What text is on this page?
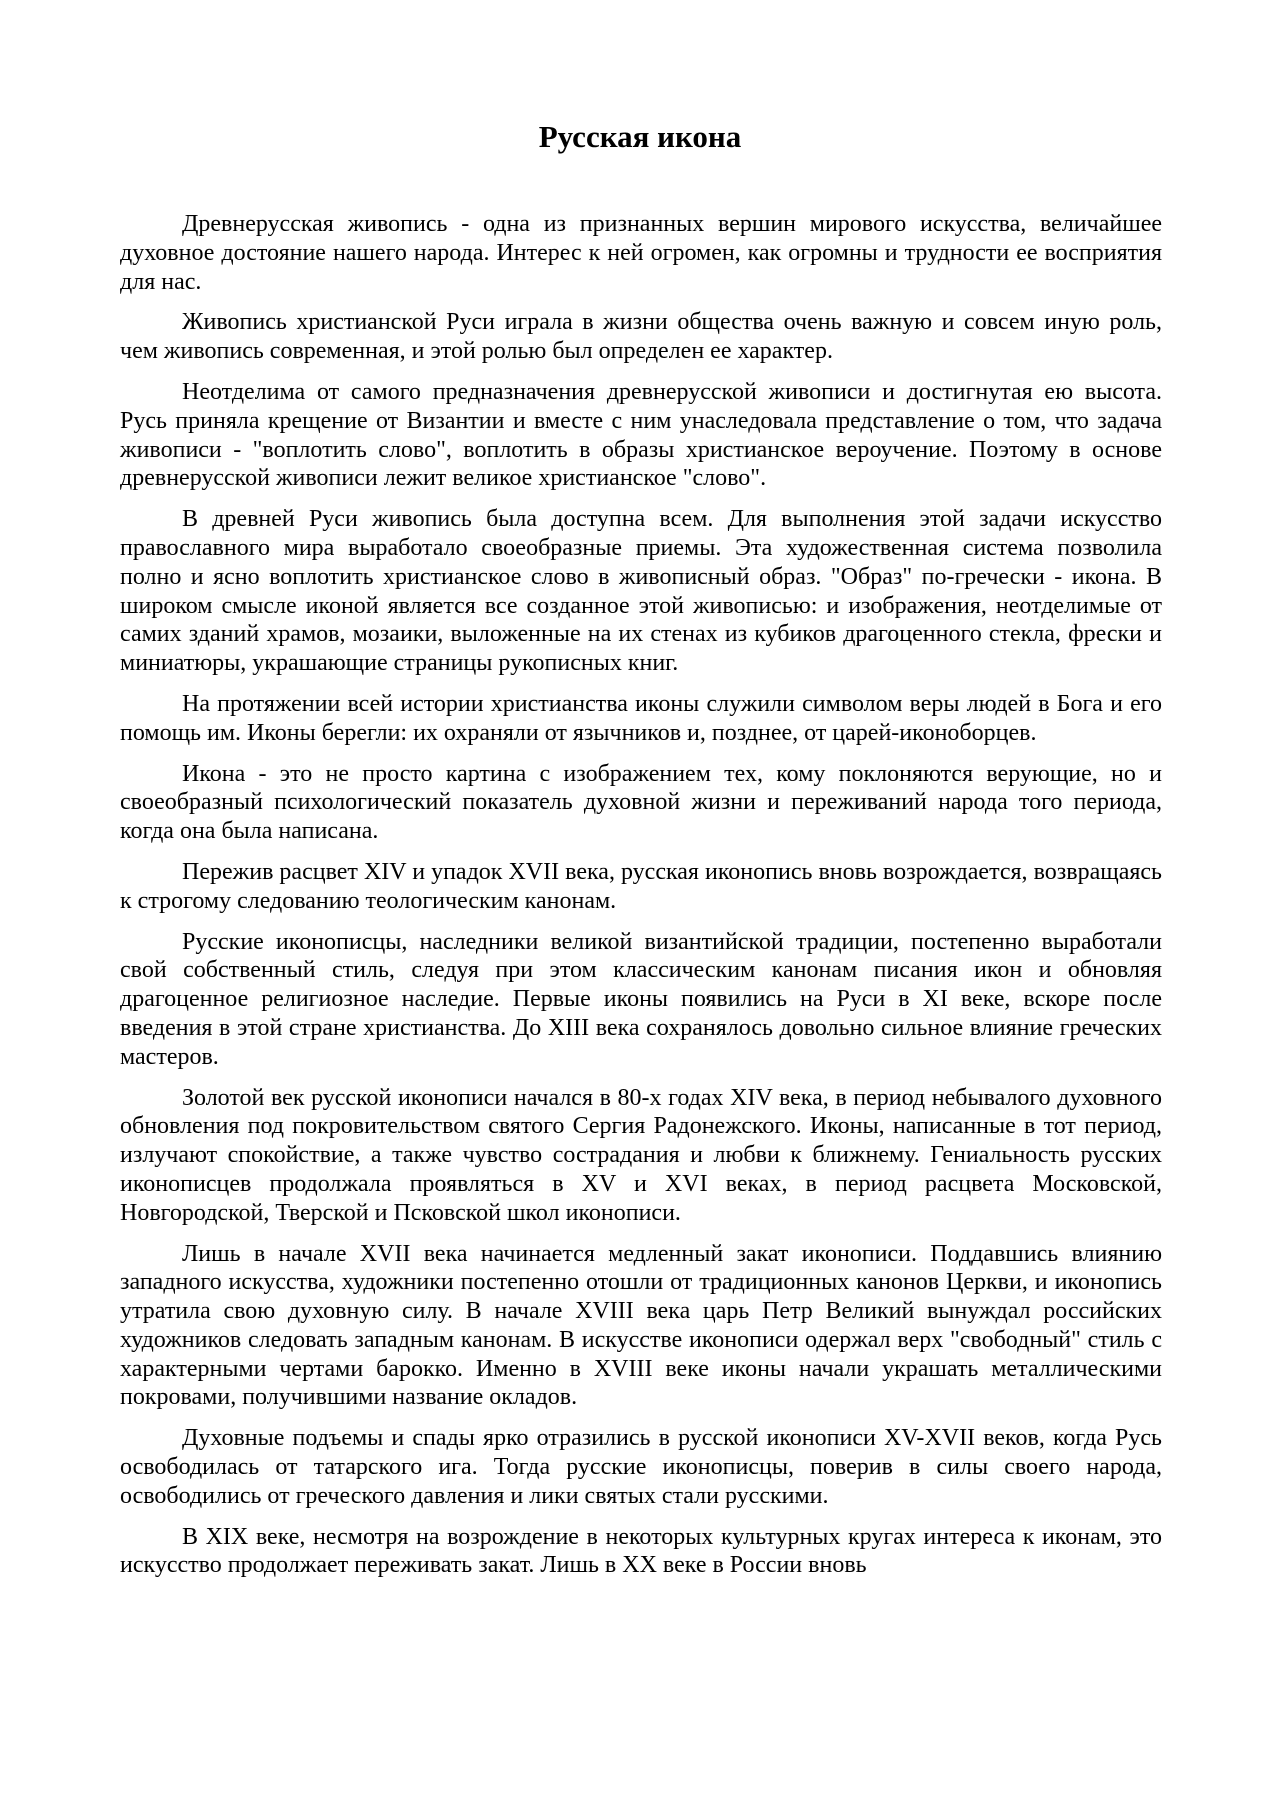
Русская икона

Древнерусская живопись - одна из признанных вершин мирового искусства, величайшее духовное достояние нашего народа. Интерес к ней огромен, как огромны и трудности ее восприятия для нас.

Живопись христианской Руси играла в жизни общества очень важную и совсем иную роль, чем живопись современная, и этой ролью был определен ее характер.

Неотделима от самого предназначения древнерусской живописи и достигнутая ею высота. Русь приняла крещение от Византии и вместе с ним унаследовала представление о том, что задача живописи - "воплотить слово", воплотить в образы христианское вероучение. Поэтому в основе древнерусской живописи лежит великое христианское "слово".

В древней Руси живопись была доступна всем. Для выполнения этой задачи искусство православного мира выработало своеобразные приемы. Эта художественная система позволила полно и ясно воплотить христианское слово в живописный образ. "Образ" по-гречески - икона. В широком смысле иконой является все созданное этой живописью: и изображения, неотделимые от самих зданий храмов, мозаики, выложенные на их стенах из кубиков драгоценного стекла, фрески и миниатюры, украшающие страницы рукописных книг.

На протяжении всей истории христианства иконы служили символом веры людей в Бога и его помощь им. Иконы берегли: их охраняли от язычников и, позднее, от царей-иконоборцев.

Икона - это не просто картина с изображением тех, кому поклоняются верующие, но и своеобразный психологический показатель духовной жизни и переживаний народа того периода, когда она была написана.

Пережив расцвет XIV и упадок XVII века, русская иконопись вновь возрождается, возвращаясь к строгому следованию теологическим канонам.

Русские иконописцы, наследники великой византийской традиции, постепенно выработали свой собственный стиль, следуя при этом классическим канонам писания икон и обновляя драгоценное религиозное наследие. Первые иконы появились на Руси в XI веке, вскоре после введения в этой стране христианства. До XIII века сохранялось довольно сильное влияние греческих мастеров.

Золотой век русской иконописи начался в 80-х годах XIV века, в период небывалого духовного обновления под покровительством святого Сергия Радонежского. Иконы, написанные в тот период, излучают спокойствие, а также чувство сострадания и любви к ближнему. Гениальность русских иконописцев продолжала проявляться в XV и XVI веках, в период расцвета Московской, Новгородской, Тверской и Псковской школ иконописи.

Лишь в начале XVII века начинается медленный закат иконописи. Поддавшись влиянию западного искусства, художники постепенно отошли от традиционных канонов Церкви, и иконопись утратила свою духовную силу. В начале XVIII века царь Петр Великий вынуждал российских художников следовать западным канонам. В искусстве иконописи одержал верх "свободный" стиль с характерными чертами барокко. Именно в XVIII веке иконы начали украшать металлическими покровами, получившими название окладов.

Духовные подъемы и спады ярко отразились в русской иконописи XV-XVII веков, когда Русь освободилась от татарского ига. Тогда русские иконописцы, поверив в силы своего народа, освободились от греческого давления и лики святых стали русскими.

В XIX веке, несмотря на возрождение в некоторых культурных кругах интереса к иконам, это искусство продолжает переживать закат. Лишь в XX веке в России вновь
